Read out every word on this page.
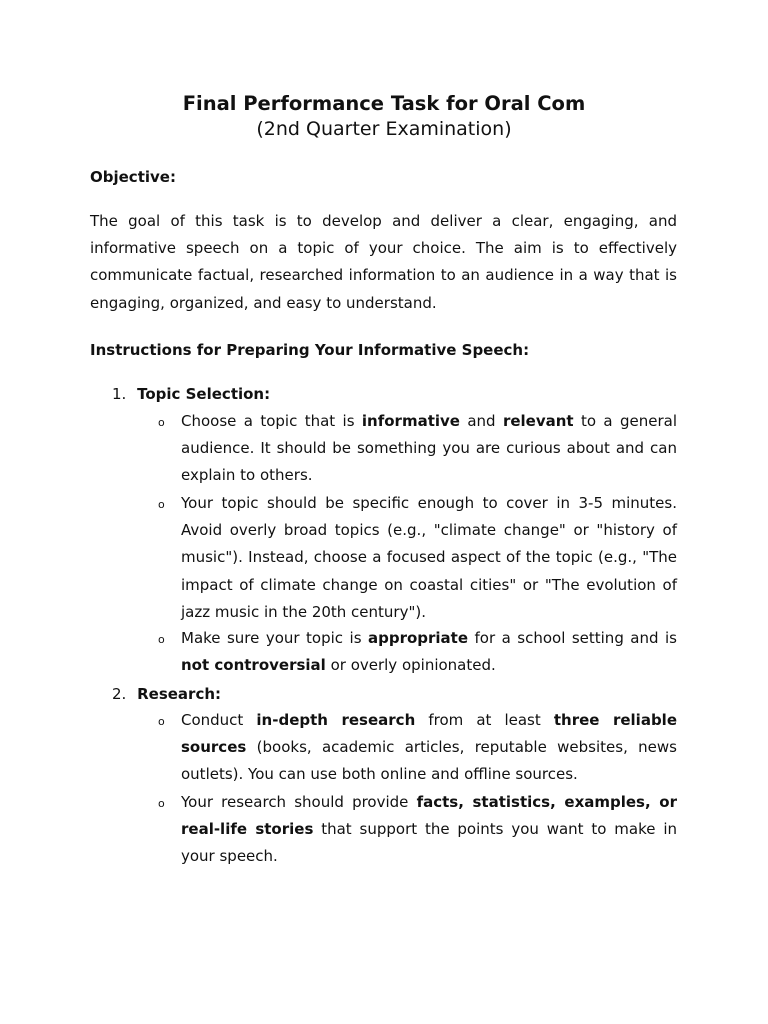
Final Performance Task for Oral Com
(2nd Quarter Examination)
Objective:
The goal of this task is to develop and deliver a clear, engaging, and informative speech on a topic of your choice. The aim is to effectively communicate factual, researched information to an audience in a way that is engaging, organized, and easy to understand.
Instructions for Preparing Your Informative Speech:
1. Topic Selection:
o Choose a topic that is informative and relevant to a general audience. It should be something you are curious about and can explain to others.
o Your topic should be specific enough to cover in 3-5 minutes. Avoid overly broad topics (e.g., "climate change" or "history of music"). Instead, choose a focused aspect of the topic (e.g., "The impact of climate change on coastal cities" or "The evolution of jazz music in the 20th century").
o Make sure your topic is appropriate for a school setting and is not controversial or overly opinionated.
2. Research:
o Conduct in-depth research from at least three reliable sources (books, academic articles, reputable websites, news outlets). You can use both online and offline sources.
o Your research should provide facts, statistics, examples, or real-life stories that support the points you want to make in your speech.
